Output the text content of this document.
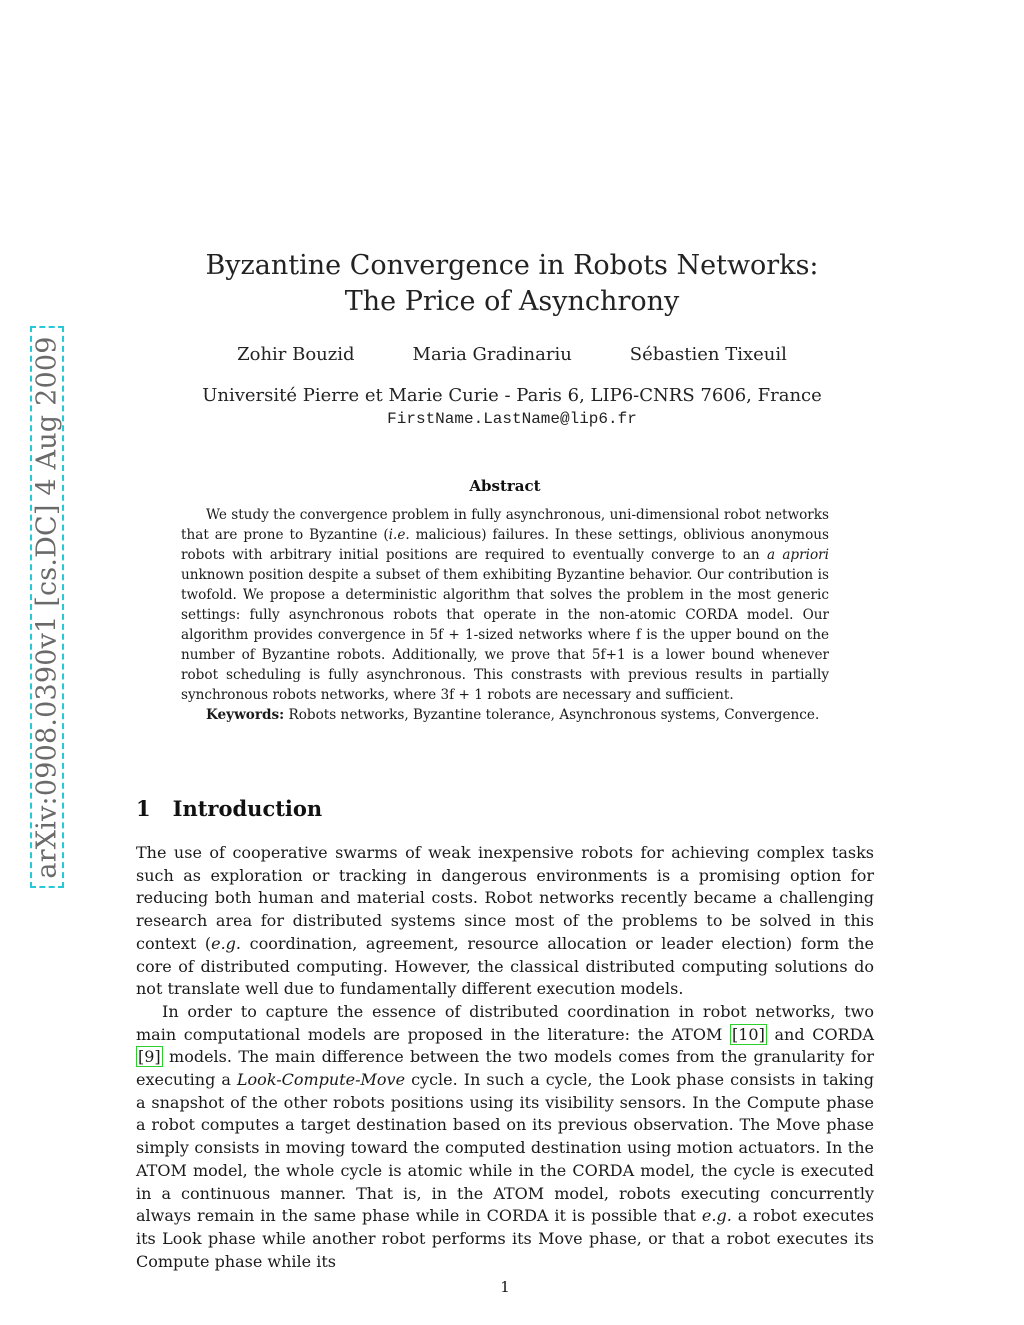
arXiv:0908.0390v1 [cs.DC] 4 Aug 2009
Byzantine Convergence in Robots Networks:
The Price of Asynchrony
Zohir Bouzid	Maria Gradinariu	Sébastien Tixeuil
Université Pierre et Marie Curie - Paris 6, LIP6-CNRS 7606, France
FirstName.LastName@lip6.fr
Abstract

We study the convergence problem in fully asynchronous, uni-dimensional robot networks that are prone to Byzantine (i.e. malicious) failures. In these settings, oblivious anonymous robots with arbitrary initial positions are required to eventually converge to an a apriori unknown position despite a subset of them exhibiting Byzantine behavior. Our contribution is twofold. We propose a deterministic algorithm that solves the problem in the most generic settings: fully asynchronous robots that operate in the non-atomic CORDA model. Our algorithm provides convergence in 5f + 1-sized networks where f is the upper bound on the number of Byzantine robots. Additionally, we prove that 5f+1 is a lower bound whenever robot scheduling is fully asynchronous. This constrasts with previous results in partially synchronous robots networks, where 3f + 1 robots are necessary and sufficient.

Keywords: Robots networks, Byzantine tolerance, Asynchronous systems, Convergence.

1 Introduction

The use of cooperative swarms of weak inexpensive robots for achieving complex tasks such as exploration or tracking in dangerous environments is a promising option for reducing both human and material costs. Robot networks recently became a challenging research area for distributed systems since most of the problems to be solved in this context (e.g. coordination, agreement, resource allocation or leader election) form the core of distributed computing. However, the classical distributed computing solutions do not translate well due to fundamentally different execution models.

In order to capture the essence of distributed coordination in robot networks, two main computational models are proposed in the literature: the ATOM [10] and CORDA [9] models. The main difference between the two models comes from the granularity for executing a Look-Compute-Move cycle. In such a cycle, the Look phase consists in taking a snapshot of the other robots positions using its visibility sensors. In the Compute phase a robot computes a target destination based on its previous observation. The Move phase simply consists in moving toward the computed destination using motion actuators. In the ATOM model, the whole cycle is atomic while in the CORDA model, the cycle is executed in a continuous manner. That is, in the ATOM model, robots executing concurrently always remain in the same phase while in CORDA it is possible that e.g. a robot executes its Look phase while another robot performs its Move phase, or that a robot executes its Compute phase while its

1
